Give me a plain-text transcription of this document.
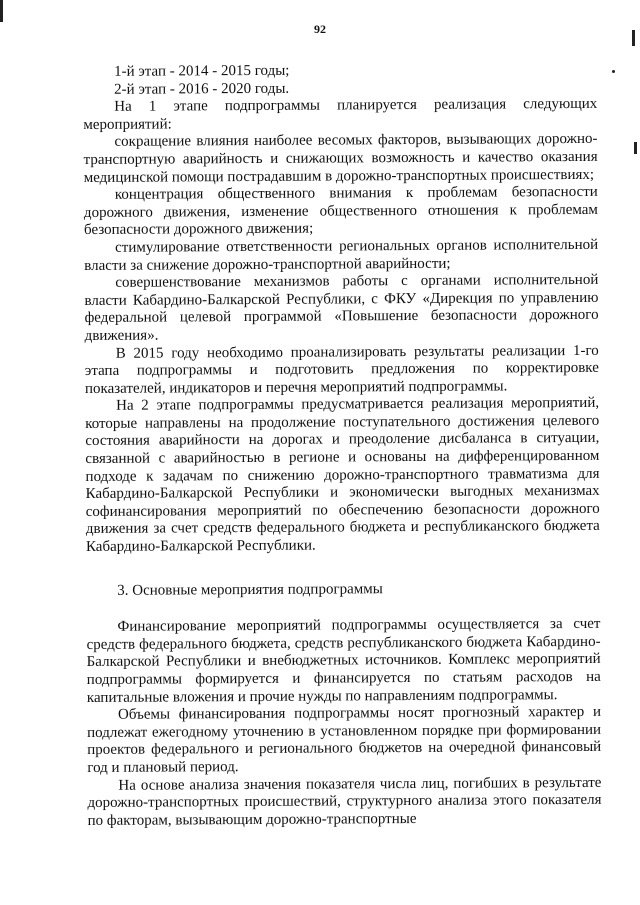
92

1-й этап - 2014 - 2015 годы;

2-й этап - 2016 - 2020 годы.

На 1 этапе подпрограммы планируется реализация следующих мероприятий:

сокращение влияния наиболее весомых факторов, вызывающих дорожно-транспортную аварийность и снижающих возможность и качество оказания медицинской помощи пострадавшим в дорожно-транспортных происшествиях;

концентрация общественного внимания к проблемам безопасности дорожного движения, изменение общественного отношения к проблемам безопасности дорожного движения;

стимулирование ответственности региональных органов исполнительной власти за снижение дорожно-транспортной аварийности;

совершенствование механизмов работы с органами исполнительной власти Кабардино-Балкарской Республики, с ФКУ «Дирекция по управлению федеральной целевой программой «Повышение безопасности дорожного движения».

В 2015 году необходимо проанализировать результаты реализации 1-го этапа подпрограммы и подготовить предложения по корректировке показателей, индикаторов и перечня мероприятий подпрограммы.

На 2 этапе подпрограммы предусматривается реализация мероприятий, которые направлены на продолжение поступательного достижения целевого состояния аварийности на дорогах и преодоление дисбаланса в ситуации, связанной с аварийностью в регионе и основаны на дифференцированном подходе к задачам по снижению дорожно-транспортного травматизма для Кабардино-Балкарской Республики и экономически выгодных механизмах софинансирования мероприятий по обеспечению безопасности дорожного движения за счет средств федерального бюджета и республиканского бюджета Кабардино-Балкарской Республики.

3. Основные мероприятия подпрограммы

Финансирование мероприятий подпрограммы осуществляется за счет средств федерального бюджета, средств республиканского бюджета Кабардино-Балкарской Республики и внебюджетных источников. Комплекс мероприятий подпрограммы формируется и финансируется по статьям расходов на капитальные вложения и прочие нужды по направлениям подпрограммы.

Объемы финансирования подпрограммы носят прогнозный характер и подлежат ежегодному уточнению в установленном порядке при формировании проектов федерального и регионального бюджетов на очередной финансовый год и плановый период.

На основе анализа значения показателя числа лиц, погибших в результате дорожно-транспортных происшествий, структурного анализа этого показателя по факторам, вызывающим дорожно-транспортные
